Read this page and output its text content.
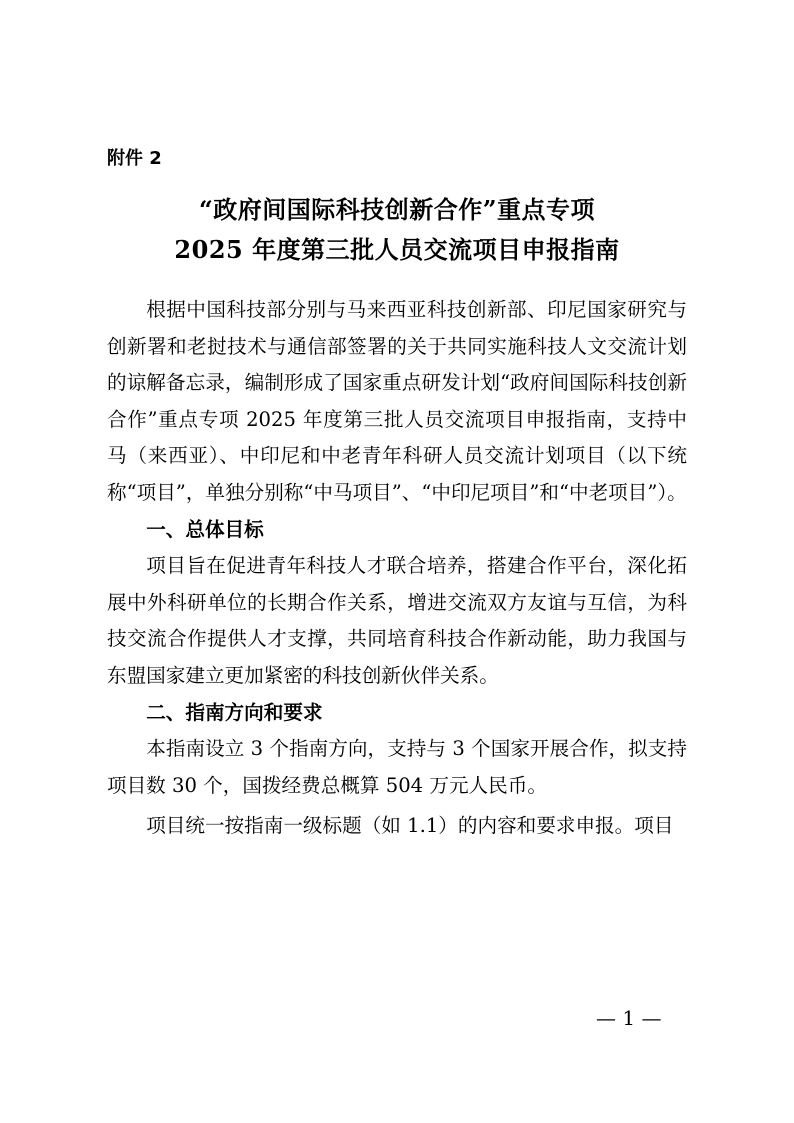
附件 2
“政府间国际科技创新合作”重点专项
2025 年度第三批人员交流项目申报指南

根据中国科技部分别与马来西亚科技创新部、印尼国家研究与创新署和老挝技术与通信部签署的关于共同实施科技人文交流计划的谅解备忘录，编制形成了国家重点研发计划“政府间国际科技创新合作”重点专项 2025 年度第三批人员交流项目申报指南，支持中马（来西亚）、中印尼和中老青年科研人员交流计划项目（以下统称“项目”，单独分别称“中马项目”、“中印尼项目”和“中老项目”）。

一、总体目标

项目旨在促进青年科技人才联合培养，搭建合作平台，深化拓展中外科研单位的长期合作关系，增进交流双方友谊与互信，为科技交流合作提供人才支撑，共同培育科技合作新动能，助力我国与东盟国家建立更加紧密的科技创新伙伴关系。

二、指南方向和要求

本指南设立 3 个指南方向，支持与 3 个国家开展合作，拟支持项目数 30 个，国拨经费总概算 504 万元人民币。

项目统一按指南一级标题（如 1.1）的内容和要求申报。项目

— 1 —
